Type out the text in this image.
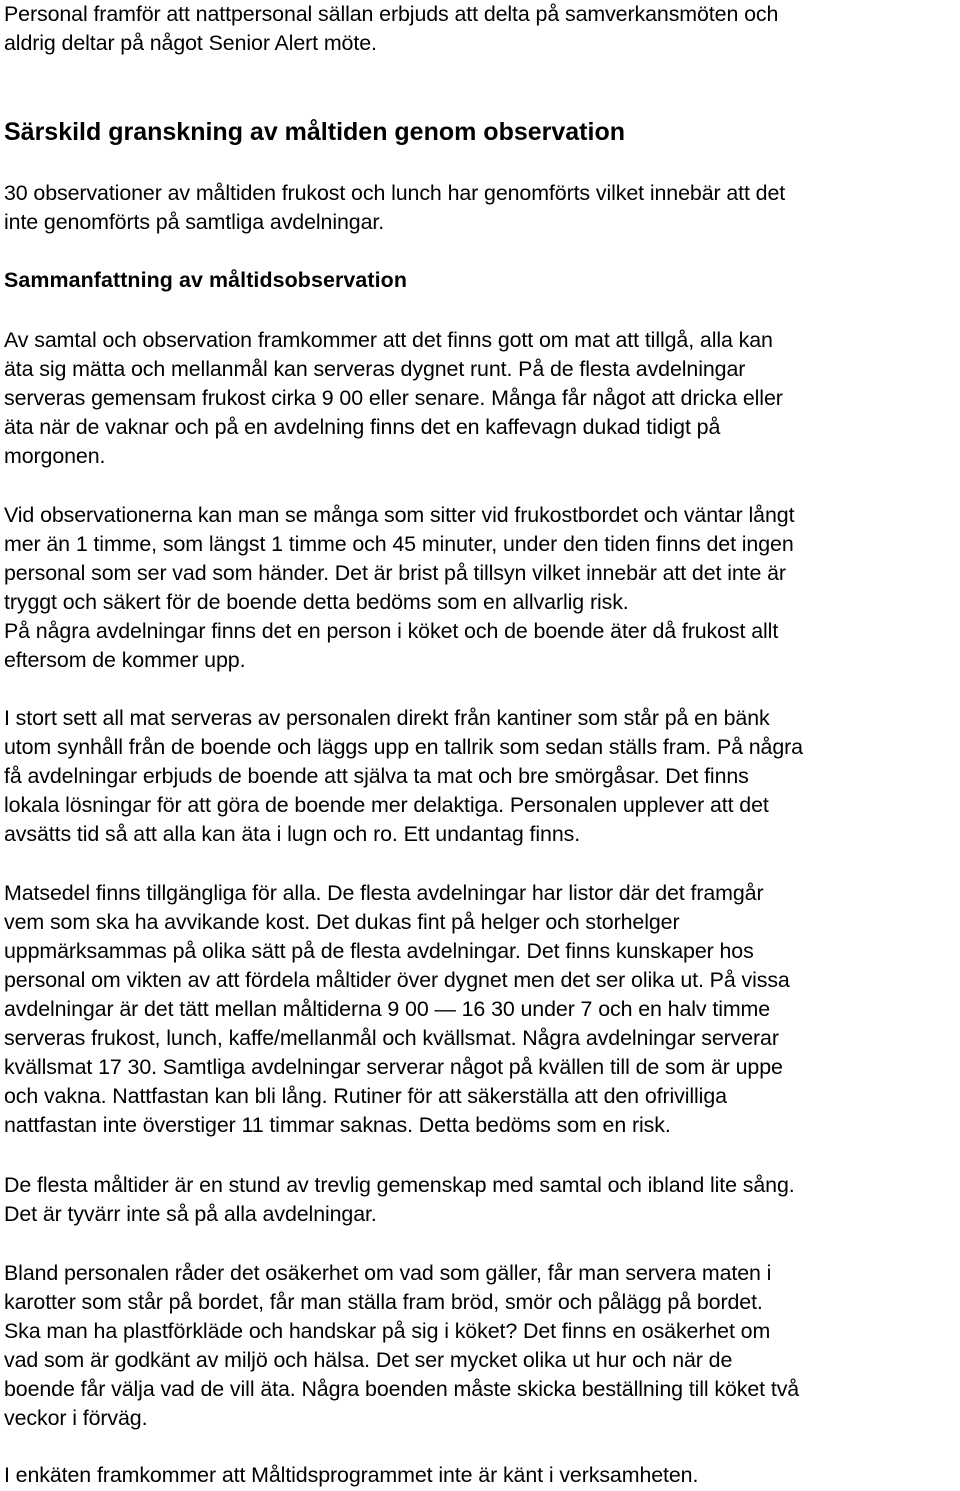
Personal framför att nattpersonal sällan erbjuds att delta på samverkansmöten och
aldrig deltar på något Senior Alert möte.

Särskild granskning av måltiden genom observation

30 observationer av måltiden frukost och lunch har genomförts vilket innebär att det
inte genomförts på samtliga avdelningar.

Sammanfattning av måltidsobservation

Av samtal och observation framkommer att det finns gott om mat att tillgå, alla kan
äta sig mätta och mellanmål kan serveras dygnet runt. På de flesta avdelningar
serveras gemensam frukost cirka 9 00 eller senare. Många får något att dricka eller
äta när de vaknar och på en avdelning finns det en kaffevagn dukad tidigt på
morgonen.

Vid observationerna kan man se många som sitter vid frukostbordet och väntar långt
mer än 1 timme, som längst 1 timme och 45 minuter, under den tiden finns det ingen
personal som ser vad som händer. Det är brist på tillsyn vilket innebär att det inte är
tryggt och säkert för de boende detta bedöms som en allvarlig risk.
På några avdelningar finns det en person i köket och de boende äter då frukost allt
eftersom de kommer upp.

I stort sett all mat serveras av personalen direkt från kantiner som står på en bänk
utom synhåll från de boende och läggs upp en tallrik som sedan ställs fram. På några
få avdelningar erbjuds de boende att själva ta mat och bre smörgåsar. Det finns
lokala lösningar för att göra de boende mer delaktiga. Personalen upplever att det
avsätts tid så att alla kan äta i lugn och ro. Ett undantag finns.

Matsedel finns tillgängliga för alla. De flesta avdelningar har listor där det framgår
vem som ska ha avvikande kost. Det dukas fint på helger och storhelger
uppmärksammas på olika sätt på de flesta avdelningar. Det finns kunskaper hos
personal om vikten av att fördela måltider över dygnet men det ser olika ut. På vissa
avdelningar är det tätt mellan måltiderna 9 00 — 16 30 under 7 och en halv timme
serveras frukost, lunch, kaffe/mellanmål och kvällsmat. Några avdelningar serverar
kvällsmat 17 30. Samtliga avdelningar serverar något på kvällen till de som är uppe
och vakna. Nattfastan kan bli lång. Rutiner för att säkerställa att den ofrivilliga
nattfastan inte överstiger 11 timmar saknas. Detta bedöms som en risk.

De flesta måltider är en stund av trevlig gemenskap med samtal och ibland lite sång.
Det är tyvärr inte så på alla avdelningar.

Bland personalen råder det osäkerhet om vad som gäller, får man servera maten i
karotter som står på bordet, får man ställa fram bröd, smör och pålägg på bordet.
Ska man ha plastförkläde och handskar på sig i köket? Det finns en osäkerhet om
vad som är godkänt av miljö och hälsa. Det ser mycket olika ut hur och när de
boende får välja vad de vill äta. Några boenden måste skicka beställning till köket två
veckor i förväg.

I enkäten framkommer att Måltidsprogrammet inte är känt i verksamheten.
